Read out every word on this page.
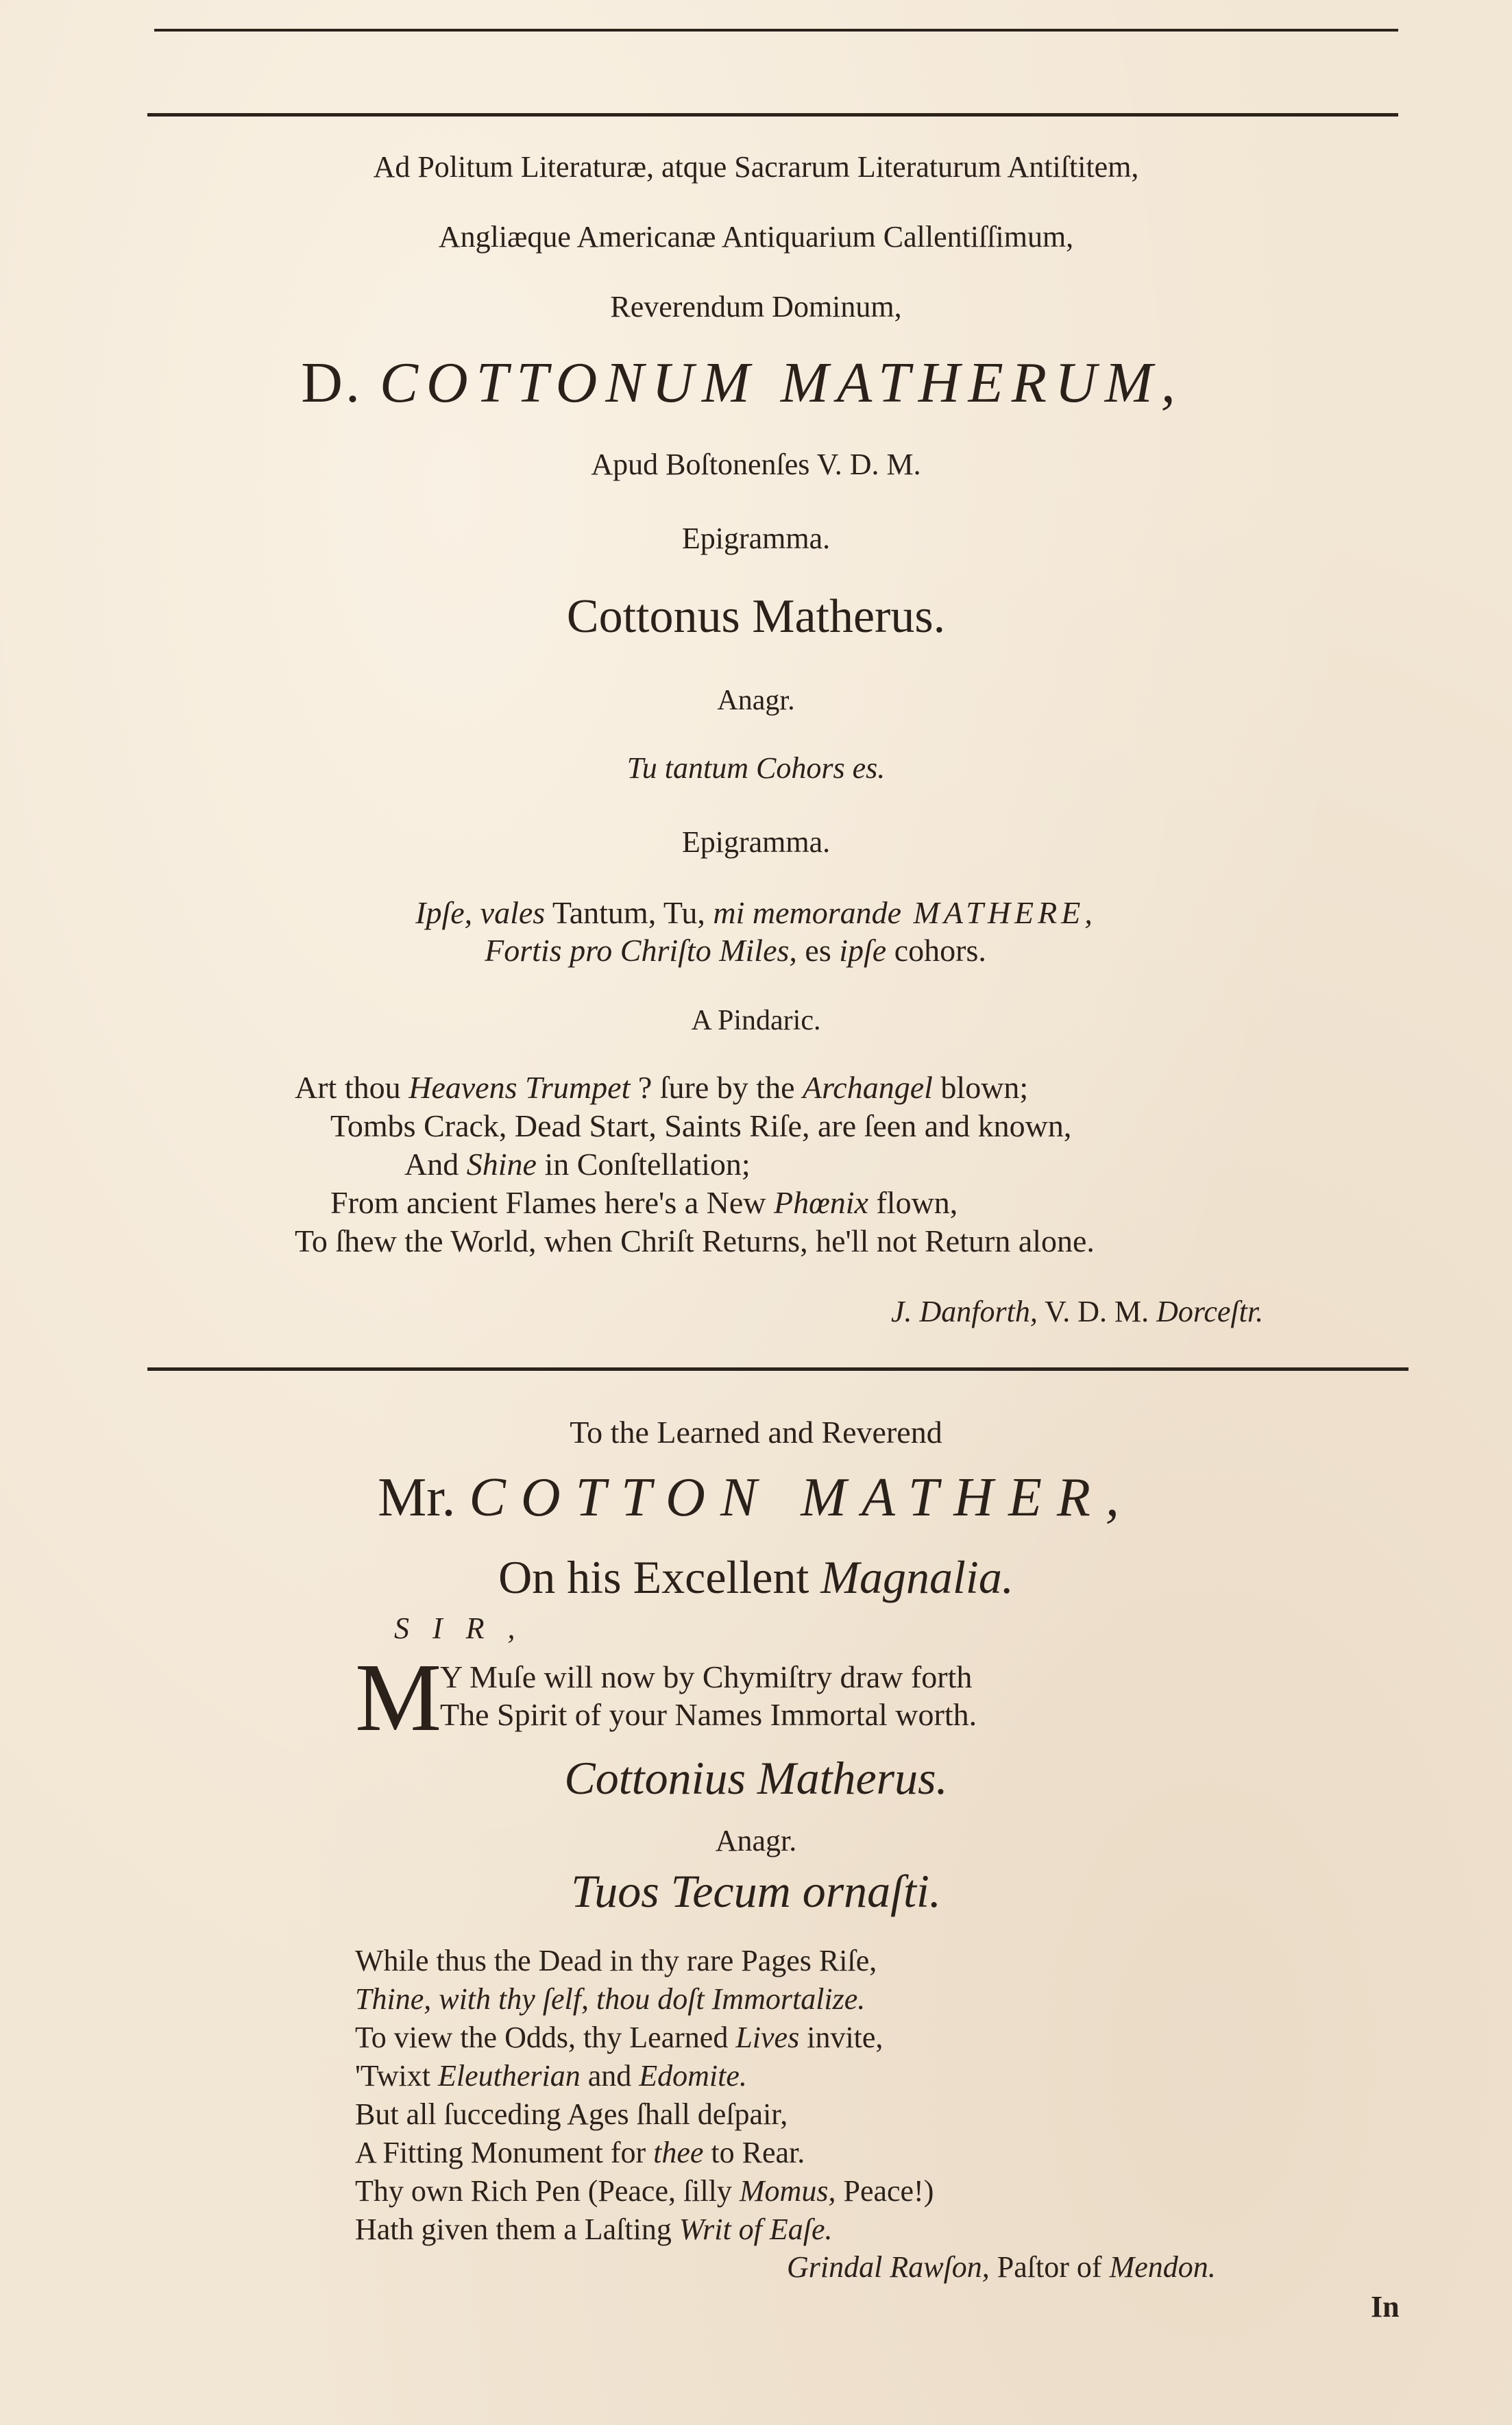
Ad Politum Literaturæ, atque Sacrarum Literaturum Antiſtitem,
Angliæque Americanæ Antiquarium Callentiſſimum,
Reverendum Dominum,
D. COTTONUM MATHERUM,
Apud Boſtonenſes V. D. M.
Epigramma.
Cottonus Matherus.
Anagr.
Tu tantum Cohors es.
Epigramma.
Ipſe, vales Tantum, Tu, mi memorande MATHERE,
Fortis pro Chriſto Miles, es ipſe cohors.
A Pindaric.
Art thou Heavens Trumpet ? ſure by the Archangel blown;
Tombs Crack, Dead Start, Saints Riſe, are ſeen and known,
And Shine in Conſtellation;
From ancient Flames here's a New Phœnix flown,
To ſhew the World, when Chriſt Returns, he'll not Return alone.
J. Danforth, V. D. M. Dorceſtr.
To the Learned and Reverend
Mr. COTTON MATHER,
On his Excellent Magnalia.
SIR,
M
Y Muſe will now by Chymiſtry draw forth
The Spirit of your Names Immortal worth.
Cottonius Matherus.
Anagr.
Tuos Tecum ornaſti.
While thus the Dead in thy rare Pages Riſe,
Thine, with thy ſelf, thou doſt Immortalize.
To view the Odds, thy Learned Lives invite,
'Twixt Eleutherian and Edomite.
But all ſucceding Ages ſhall deſpair,
A Fitting Monument for thee to Rear.
Thy own Rich Pen (Peace, ſilly Momus, Peace!)
Hath given them a Laſting Writ of Eaſe.
Grindal Rawſon, Paſtor of Mendon.
In
